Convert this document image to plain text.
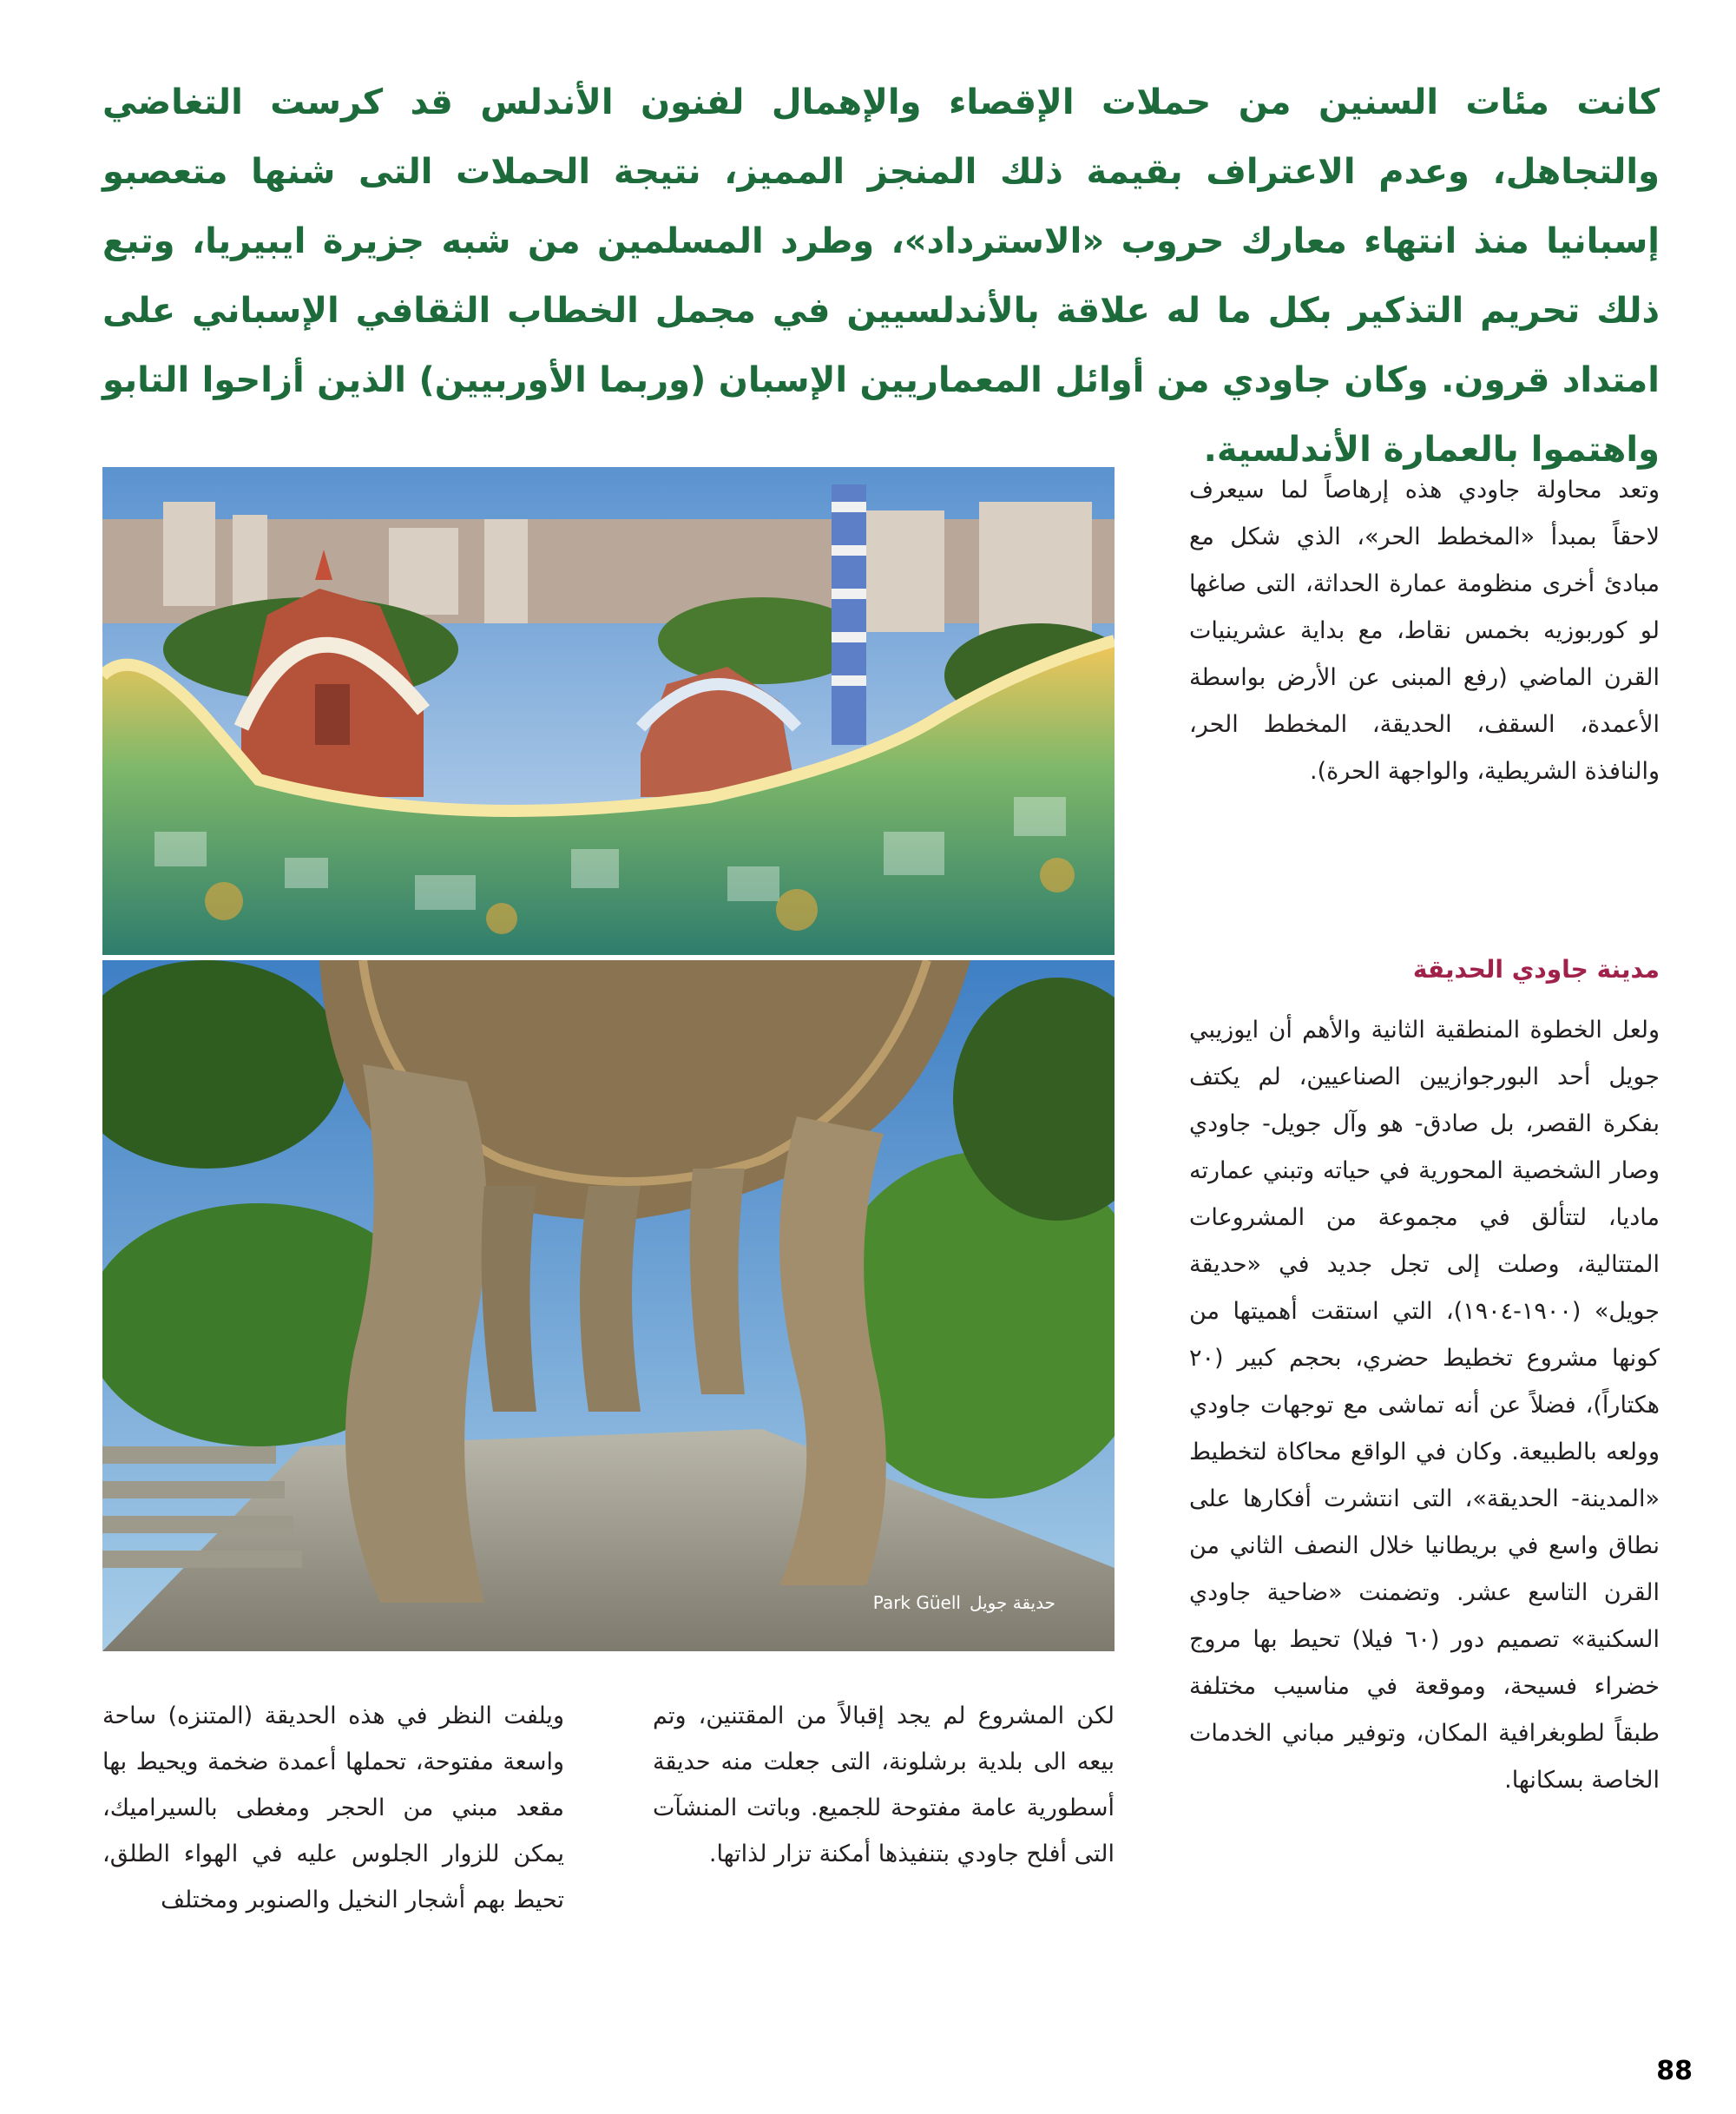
كانت مئات السنين من حملات الإقصاء والإهمال لفنون الأندلس قد كرست التغاضي والتجاهل، وعدم الاعتراف بقيمة ذلك المنجز المميز، نتيجة الحملات التى شنها متعصبو إسبانيا منذ انتهاء معارك حروب «الاسترداد»، وطرد المسلمين من شبه جزيرة ايبيريا، وتبع ذلك تحريم التذكير بكل ما له علاقة بالأندلسيين في مجمل الخطاب الثقافي الإسباني على امتداد قرون. وكان جاودي من أوائل المعماريين الإسبان (وربما الأوربيين) الذين أزاحوا التابو واهتموا بالعمارة الأندلسية.
Park Güell حديقة جويل
وتعد محاولة جاودي هذه إرهاصاً لما سيعرف لاحقاً بمبدأ «المخطط الحر»، الذي شكل مع مبادئ أخرى منظومة عمارة الحداثة، التى صاغها لو كوربوزيه بخمس نقاط، مع بداية عشرينيات القرن الماضي (رفع المبنى عن الأرض بواسطة الأعمدة، السقف، الحديقة، المخطط الحر، والنافذة الشريطية، والواجهة الحرة).
مدينة جاودي الحديقة
ولعل الخطوة المنطقية الثانية والأهم أن ايوزيبي جويل أحد البورجوازيين الصناعيين، لم يكتف بفكرة القصر، بل صادق- هو وآل جويل- جاودي وصار الشخصية المحورية في حياته وتبني عمارته ماديا، لتتألق في مجموعة من المشروعات المتتالية، وصلت إلى تجل جديد في «حديقة جويل» (١٩٠٠-١٩٠٤)، التي استقت أهميتها من كونها مشروع تخطيط حضري، بحجم كبير (٢٠ هكتاراً)، فضلاً عن أنه تماشى مع توجهات جاودي وولعه بالطبيعة. وكان في الواقع محاكاة لتخطيط «المدينة- الحديقة»، التى انتشرت أفكارها على نطاق واسع في بريطانيا خلال النصف الثاني من القرن التاسع عشر. وتضمنت «ضاحية جاودي السكنية» تصميم دور (٦٠ فيلا) تحيط بها مروج خضراء فسيحة، وموقعة في مناسيب مختلفة طبقاً لطوبغرافية المكان، وتوفير مباني الخدمات الخاصة بسكانها.
لكن المشروع لم يجد إقبالاً من المقتنين، وتم بيعه الى بلدية برشلونة، التى جعلت منه حديقة أسطورية عامة مفتوحة للجميع. وباتت المنشآت التى أفلح جاودي بتنفيذها أمكنة تزار لذاتها.
ويلفت النظر في هذه الحديقة (المتنزه) ساحة واسعة مفتوحة، تحملها أعمدة ضخمة ويحيط بها مقعد مبني من الحجر ومغطى بالسيراميك، يمكن للزوار الجلوس عليه في الهواء الطلق، تحيط بهم أشجار النخيل والصنوبر ومختلف
88
